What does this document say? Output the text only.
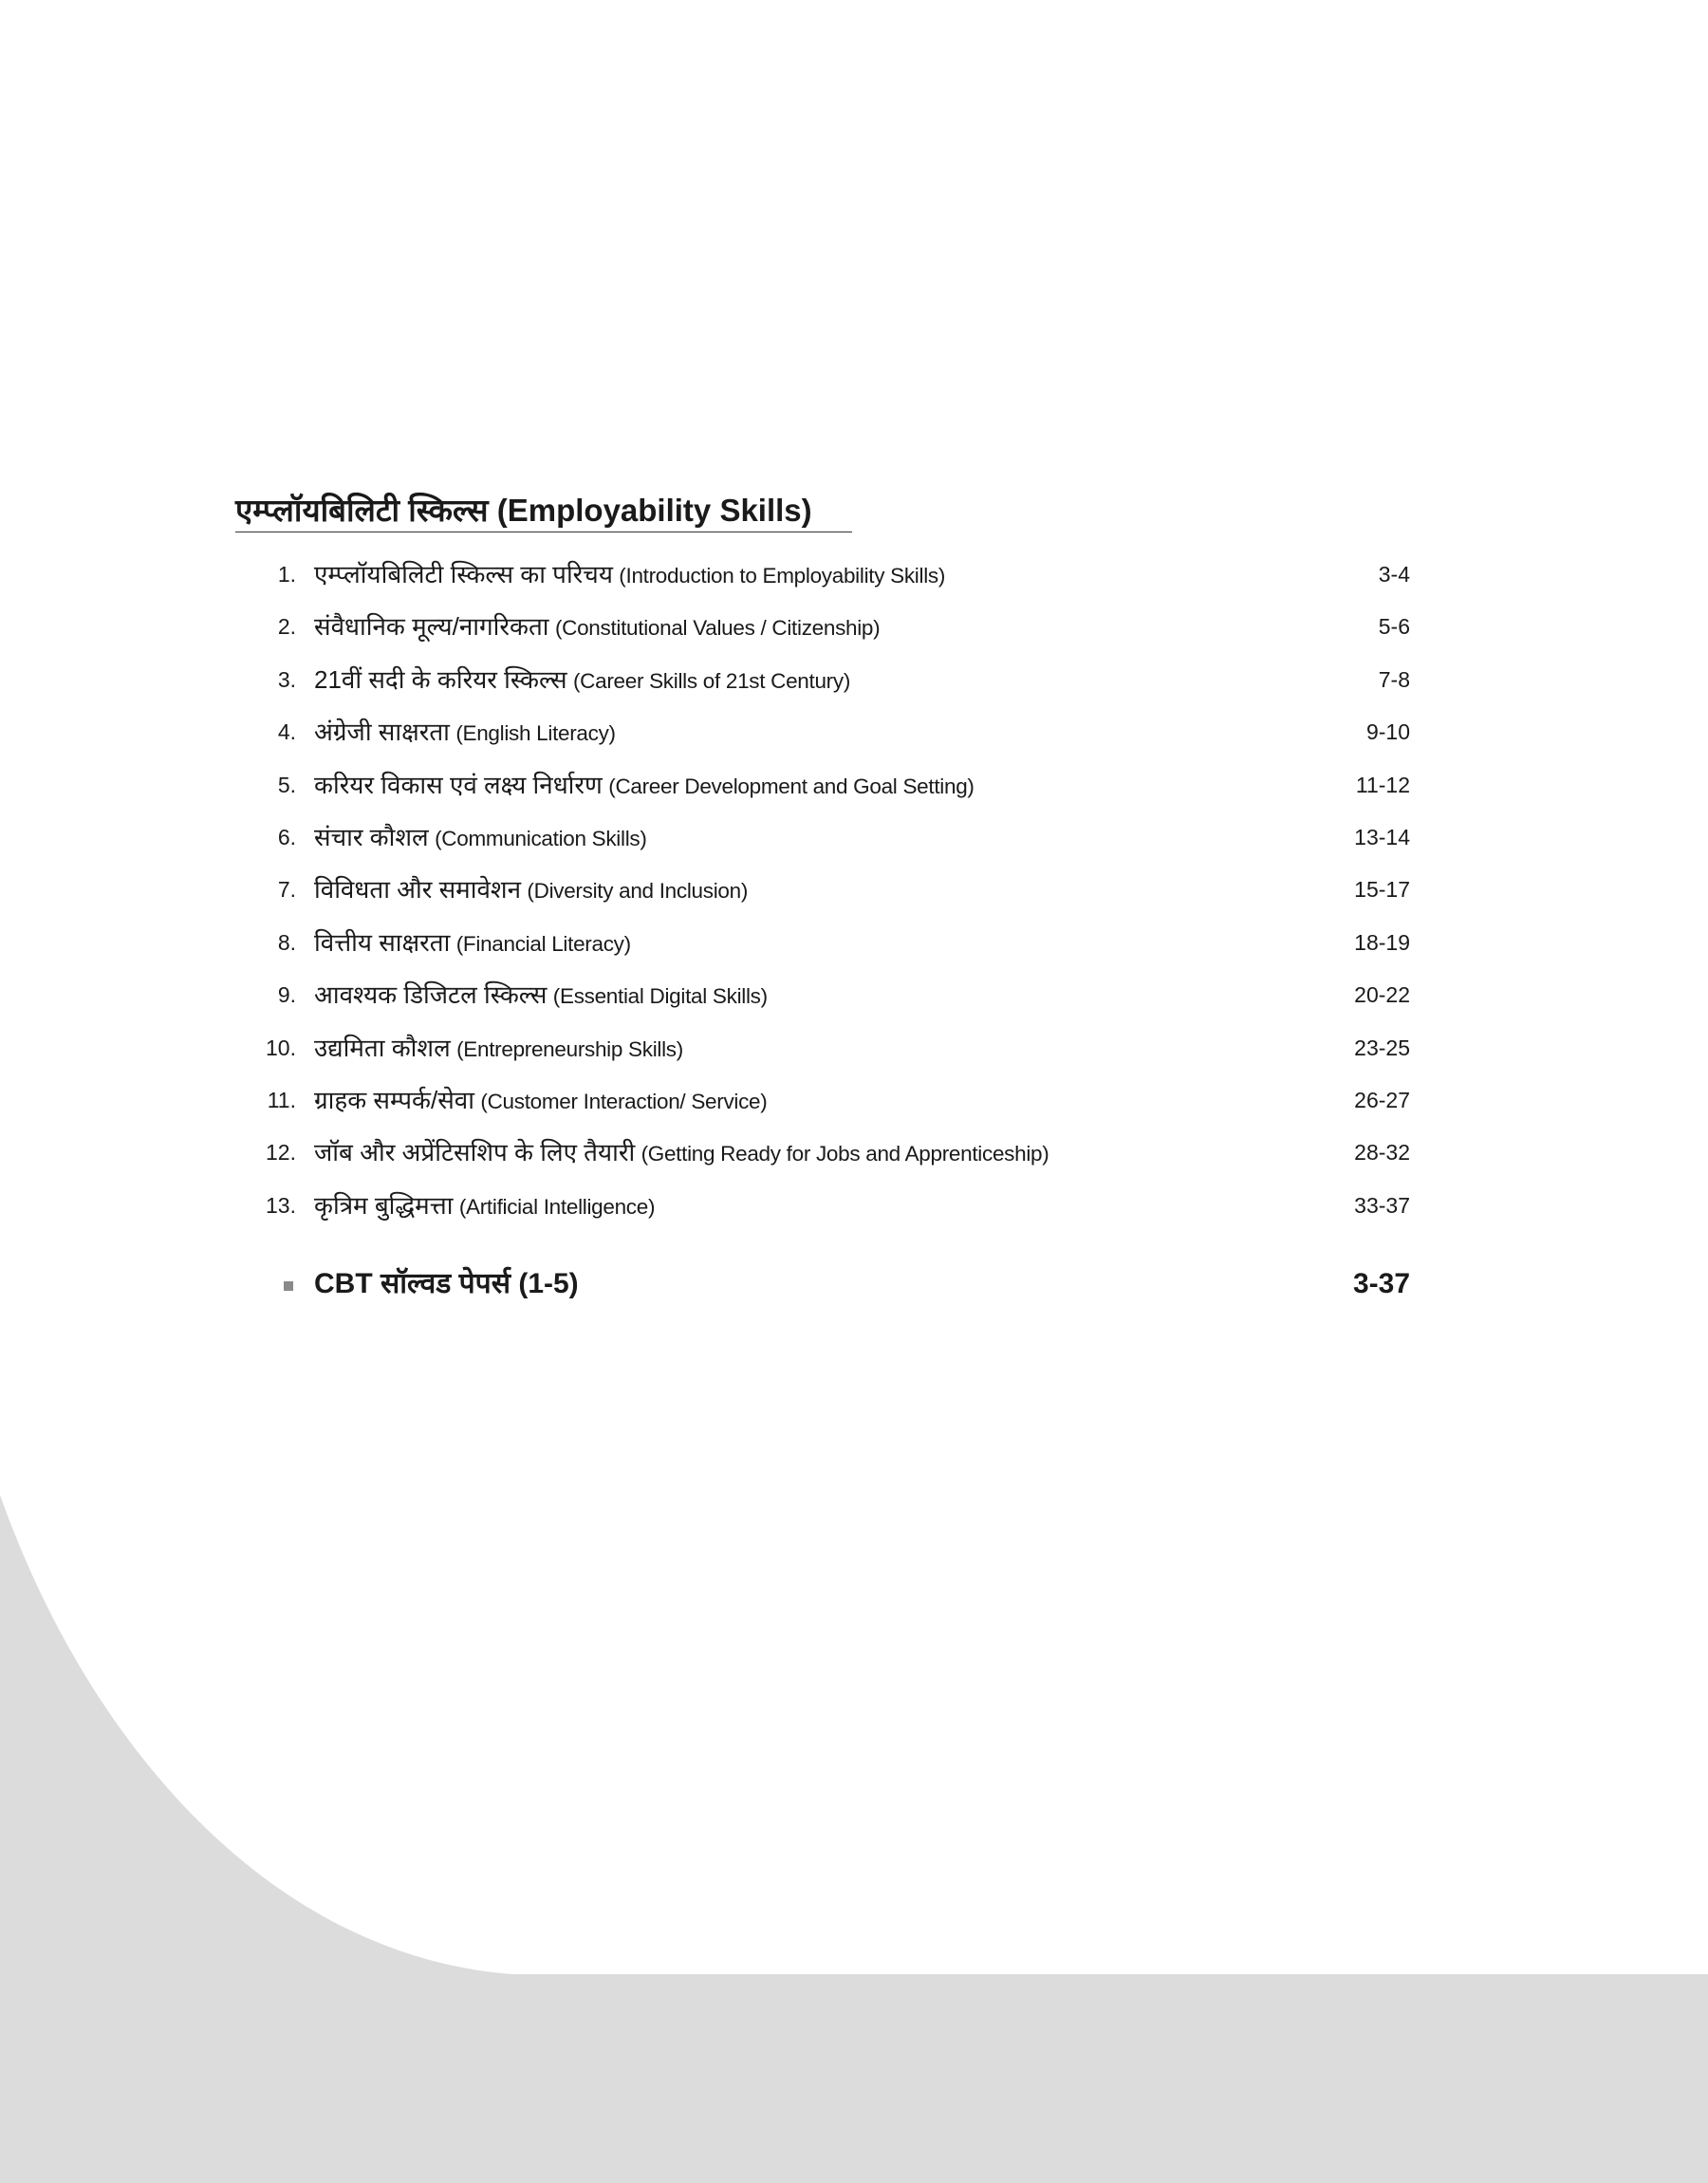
एम्प्लॉयबिलिटी स्किल्स (Employability Skills)
1. एम्प्लॉयबिलिटी स्किल्स का परिचय (Introduction to Employability Skills)	3-4
2. संवैधानिक मूल्य/नागरिकता (Constitutional Values / Citizenship)	5-6
3. 21वीं सदी के करियर स्किल्स (Career Skills of 21st Century)	7-8
4. अंग्रेजी साक्षरता (English Literacy)	9-10
5. करियर विकास एवं लक्ष्य निर्धारण (Career Development and Goal Setting)	11-12
6. संचार कौशल (Communication Skills)	13-14
7. विविधता और समावेशन (Diversity and Inclusion)	15-17
8. वित्तीय साक्षरता (Financial Literacy)	18-19
9. आवश्यक डिजिटल स्किल्स (Essential Digital Skills)	20-22
10. उद्यमिता कौशल (Entrepreneurship Skills)	23-25
11. ग्राहक सम्पर्क/सेवा (Customer Interaction/ Service)	26-27
12. जॉब और अप्रेंटिसशिप के लिए तैयारी (Getting Ready for Jobs and Apprenticeship)	28-32
13. कृत्रिम बुद्धिमत्ता (Artificial Intelligence)	33-37
CBT सॉल्वड पेपर्स (1-5)	3-37
